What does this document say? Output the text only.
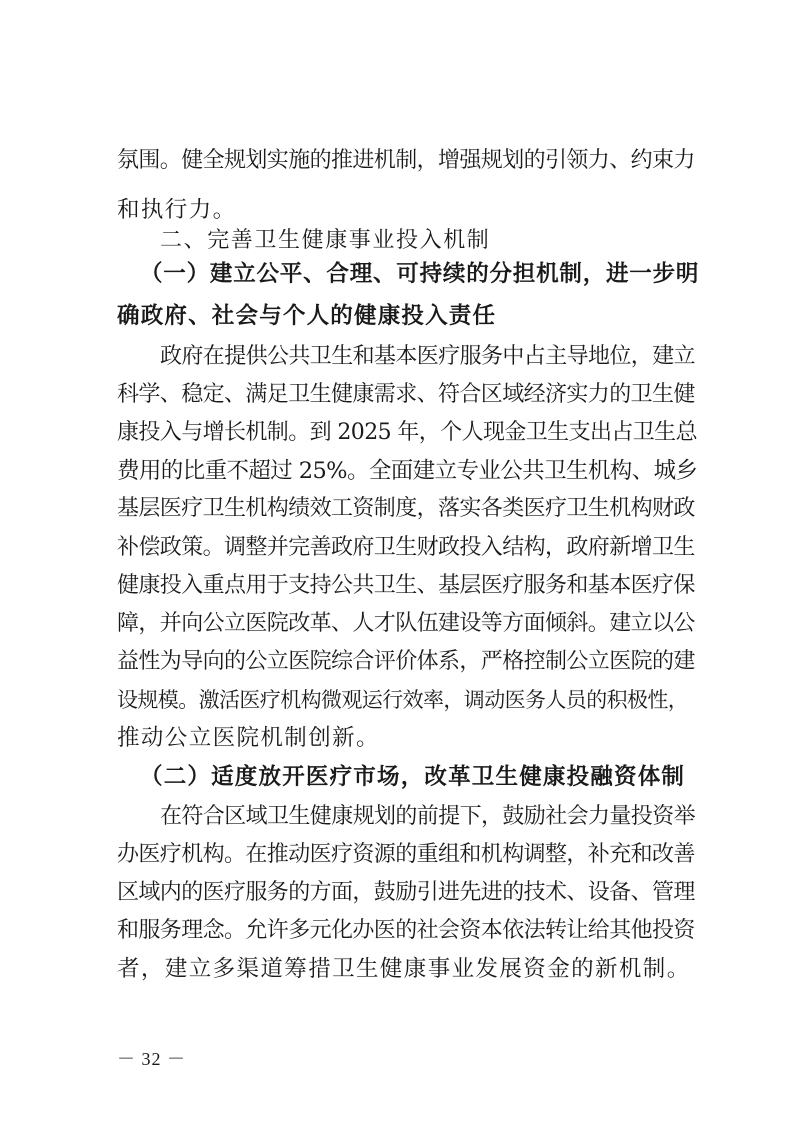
氛围。健全规划实施的推进机制，增强规划的引领力、约束力
和执行力。
二、完善卫生健康事业投入机制
（一）建立公平、合理、可持续的分担机制，进一步明
确政府、社会与个人的健康投入责任
政府在提供公共卫生和基本医疗服务中占主导地位，建立
科学、稳定、满足卫生健康需求、符合区域经济实力的卫生健
康投入与增长机制。到 2025 年，个人现金卫生支出占卫生总
费用的比重不超过 25%。全面建立专业公共卫生机构、城乡
基层医疗卫生机构绩效工资制度，落实各类医疗卫生机构财政
补偿政策。调整并完善政府卫生财政投入结构，政府新增卫生
健康投入重点用于支持公共卫生、基层医疗服务和基本医疗保
障，并向公立医院改革、人才队伍建设等方面倾斜。建立以公
益性为导向的公立医院综合评价体系，严格控制公立医院的建
设规模。激活医疗机构微观运行效率，调动医务人员的积极性，
推动公立医院机制创新。
（二）适度放开医疗市场，改革卫生健康投融资体制
在符合区域卫生健康规划的前提下，鼓励社会力量投资举
办医疗机构。在推动医疗资源的重组和机构调整，补充和改善
区域内的医疗服务的方面，鼓励引进先进的技术、设备、管理
和服务理念。允许多元化办医的社会资本依法转让给其他投资
者，建立多渠道筹措卫生健康事业发展资金的新机制。
－ 32 －
